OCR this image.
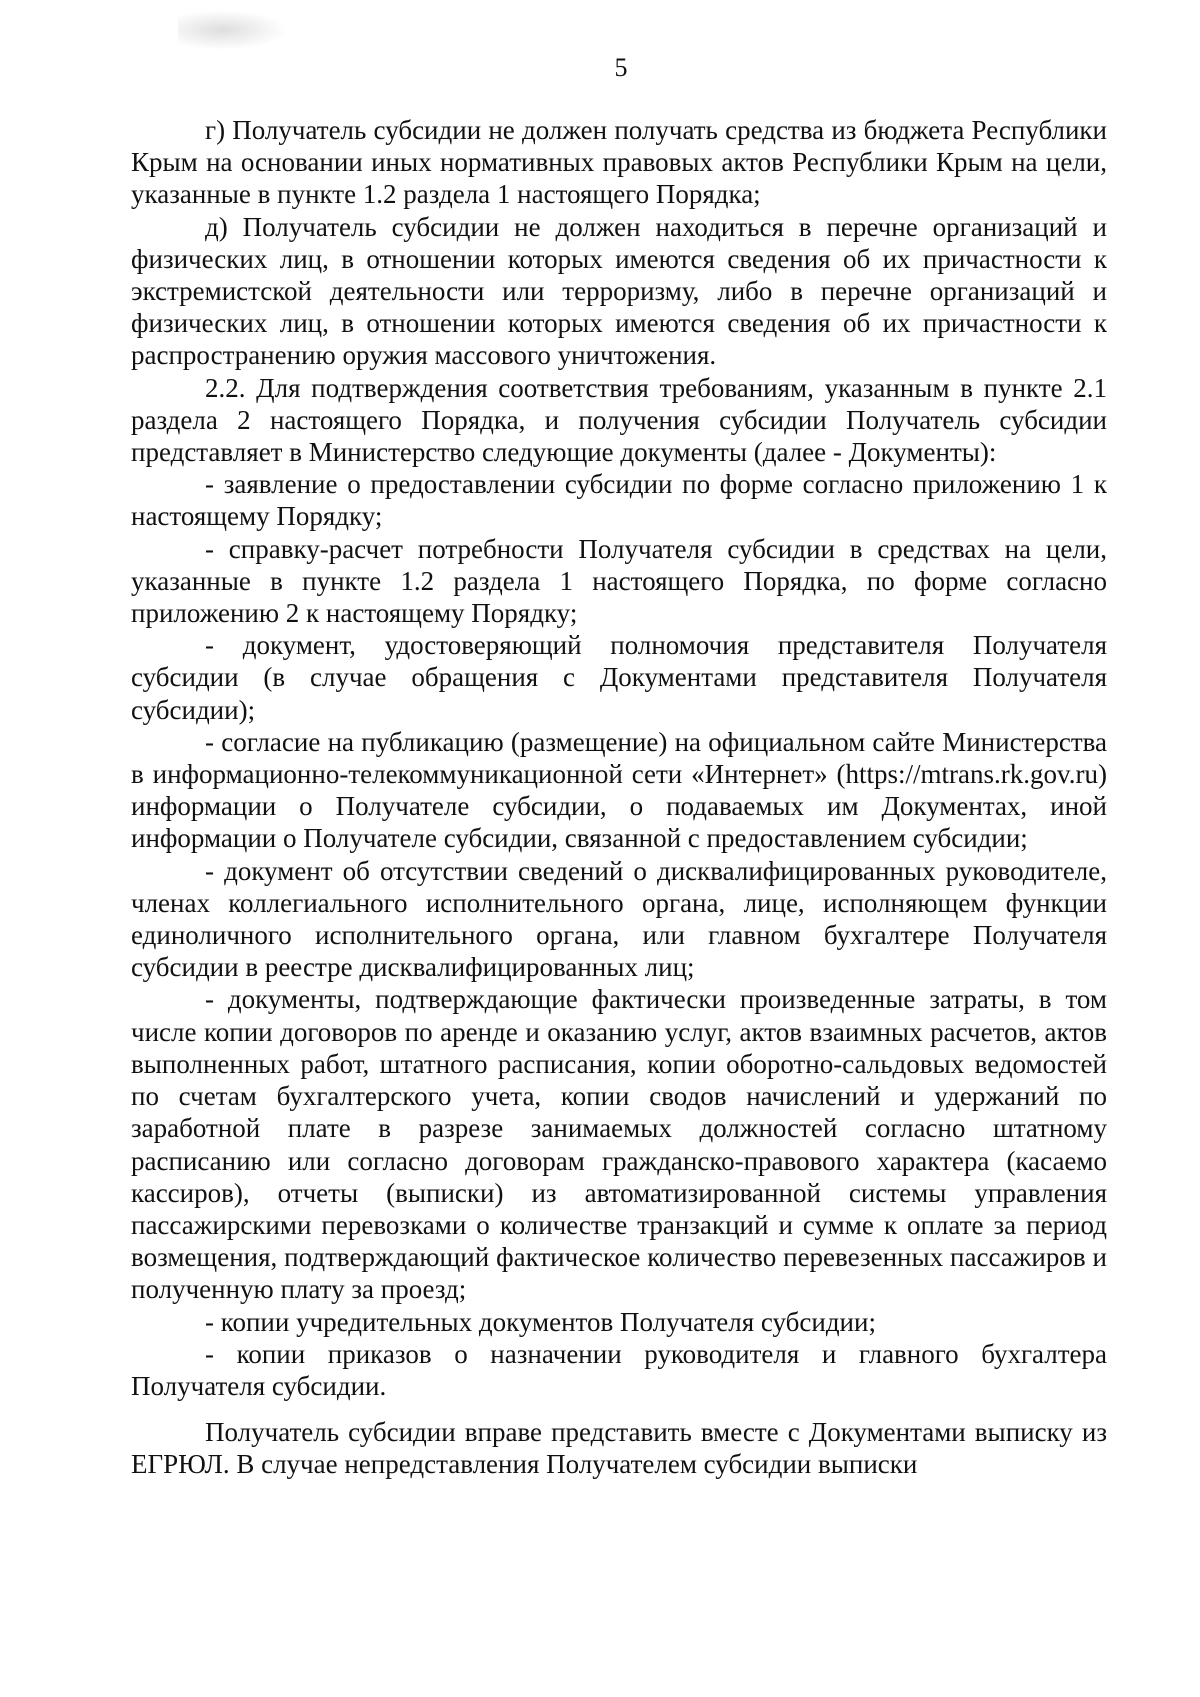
5

г) Получатель субсидии не должен получать средства из бюджета Республики Крым на основании иных нормативных правовых актов Республики Крым на цели, указанные в пункте 1.2 раздела 1 настоящего Порядка;

д) Получатель субсидии не должен находиться в перечне организаций и физических лиц, в отношении которых имеются сведения об их причастности к экстремистской деятельности или терроризму, либо в перечне организаций и физических лиц, в отношении которых имеются сведения об их причастности к распространению оружия массового уничтожения.

2.2. Для подтверждения соответствия требованиям, указанным в пункте 2.1 раздела 2 настоящего Порядка, и получения субсидии Получатель субсидии представляет в Министерство следующие документы (далее - Документы):

- заявление о предоставлении субсидии по форме согласно приложению 1 к настоящему Порядку;

- справку-расчет потребности Получателя субсидии в средствах на цели, указанные в пункте 1.2 раздела 1 настоящего Порядка, по форме согласно приложению 2 к настоящему Порядку;

- документ, удостоверяющий полномочия представителя Получателя субсидии (в случае обращения с Документами представителя Получателя субсидии);

- согласие на публикацию (размещение) на официальном сайте Министерства в информационно-телекоммуникационной сети «Интернет» (https://mtrans.rk.gov.ru) информации о Получателе субсидии, о подаваемых им Документах, иной информации о Получателе субсидии, связанной с предоставлением субсидии;

- документ об отсутствии сведений о дисквалифицированных руководителе, членах коллегиального исполнительного органа, лице, исполняющем функции единоличного исполнительного органа, или главном бухгалтере Получателя субсидии в реестре дисквалифицированных лиц;

- документы, подтверждающие фактически произведенные затраты, в том числе копии договоров по аренде и оказанию услуг, актов взаимных расчетов, актов выполненных работ, штатного расписания, копии оборотно-сальдовых ведомостей по счетам бухгалтерского учета, копии сводов начислений и удержаний по заработной плате в разрезе занимаемых должностей согласно штатному расписанию или согласно договорам гражданско-правового характера (касаемо кассиров), отчеты (выписки) из автоматизированной системы управления пассажирскими перевозками о количестве транзакций и сумме к оплате за период возмещения, подтверждающий фактическое количество перевезенных пассажиров и полученную плату за проезд;

- копии учредительных документов Получателя субсидии;

- копии приказов о назначении руководителя и главного бухгалтера Получателя субсидии.

Получатель субсидии вправе представить вместе с Документами выписку из ЕГРЮЛ. В случае непредставления Получателем субсидии выписки
